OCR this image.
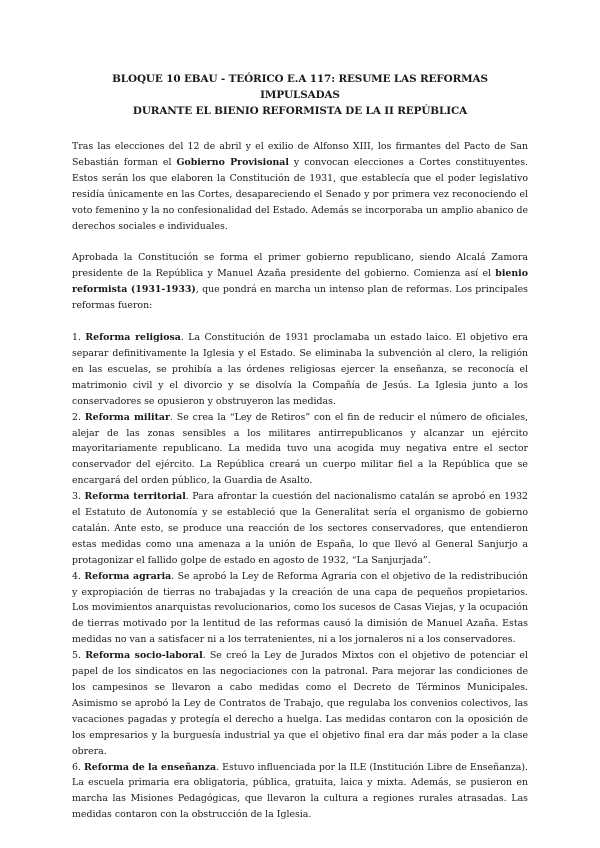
BLOQUE 10 EBAU - TEÓRICO E.A 117: RESUME LAS REFORMAS IMPULSADAS
DURANTE EL BIENIO REFORMISTA DE LA II REPÚBLICA

Tras las elecciones del 12 de abril y el exilio de Alfonso XIII, los firmantes del Pacto de San Sebastián forman el Gobierno Provisional y convocan elecciones a Cortes constituyentes. Estos serán los que elaboren la Constitución de 1931, que establecía que el poder legislativo residía únicamente en las Cortes, desapareciendo el Senado y por primera vez reconociendo el voto femenino y la no confesionalidad del Estado. Además se incorporaba un amplio abanico de derechos sociales e individuales.

Aprobada la Constitución se forma el primer gobierno republicano, siendo Alcalá Zamora presidente de la República y Manuel Azaña presidente del gobierno. Comienza así el bienio reformista (1931-1933), que pondrá en marcha un intenso plan de reformas. Los principales reformas fueron:

1. Reforma religiosa. La Constitución de 1931 proclamaba un estado laico. El objetivo era separar definitivamente la Iglesia y el Estado. Se eliminaba la subvención al clero, la religión en las escuelas, se prohibía a las órdenes religiosas ejercer la enseñanza, se reconocía el matrimonio civil y el divorcio y se disolvía la Compañía de Jesús. La Iglesia junto a los conservadores se opusieron y obstruyeron las medidas.

2. Reforma militar. Se crea la “Ley de Retiros” con el fin de reducir el número de oficiales, alejar de las zonas sensibles a los militares antirrepublicanos y alcanzar un ejército mayoritariamente republicano. La medida tuvo una acogida muy negativa entre el sector conservador del ejército. La República creará un cuerpo militar fiel a la República que se encargará del orden público, la Guardia de Asalto.

3. Reforma territorial. Para afrontar la cuestión del nacionalismo catalán se aprobó en 1932 el Estatuto de Autonomía y se estableció que la Generalitat sería el organismo de gobierno catalán. Ante esto, se produce una reacción de los sectores conservadores, que entendieron estas medidas como una amenaza a la unión de España, lo que llevó al General Sanjurjo a protagonizar el fallido golpe de estado en agosto de 1932, “La Sanjurjada”.

4. Reforma agraria. Se aprobó la Ley de Reforma Agraria con el objetivo de la redistribución y expropiación de tierras no trabajadas y la creación de una capa de pequeños propietarios. Los movimientos anarquistas revolucionarios, como los sucesos de Casas Viejas, y la ocupación de tierras motivado por la lentitud de las reformas causó la dimisión de Manuel Azaña. Estas medidas no van a satisfacer ni a los terratenientes, ni a los jornaleros ni a los conservadores.

5. Reforma socio-laboral. Se creó la Ley de Jurados Mixtos con el objetivo de potenciar el papel de los sindicatos en las negociaciones con la patronal. Para mejorar las condiciones de los campesinos se llevaron a cabo medidas como el Decreto de Términos Municipales. Asimismo se aprobó la Ley de Contratos de Trabajo, que regulaba los convenios colectivos, las vacaciones pagadas y protegía el derecho a huelga. Las medidas contaron con la oposición de los empresarios y la burguesía industrial ya que el objetivo final era dar más poder a la clase obrera.

6. Reforma de la enseñanza. Estuvo influenciada por la ILE (Institución Libre de Enseñanza). La escuela primaria era obligatoria, pública, gratuita, laica y mixta. Además, se pusieron en marcha las Misiones Pedagógicas, que llevaron la cultura a regiones rurales atrasadas. Las medidas contaron con la obstrucción de la Iglesia.
